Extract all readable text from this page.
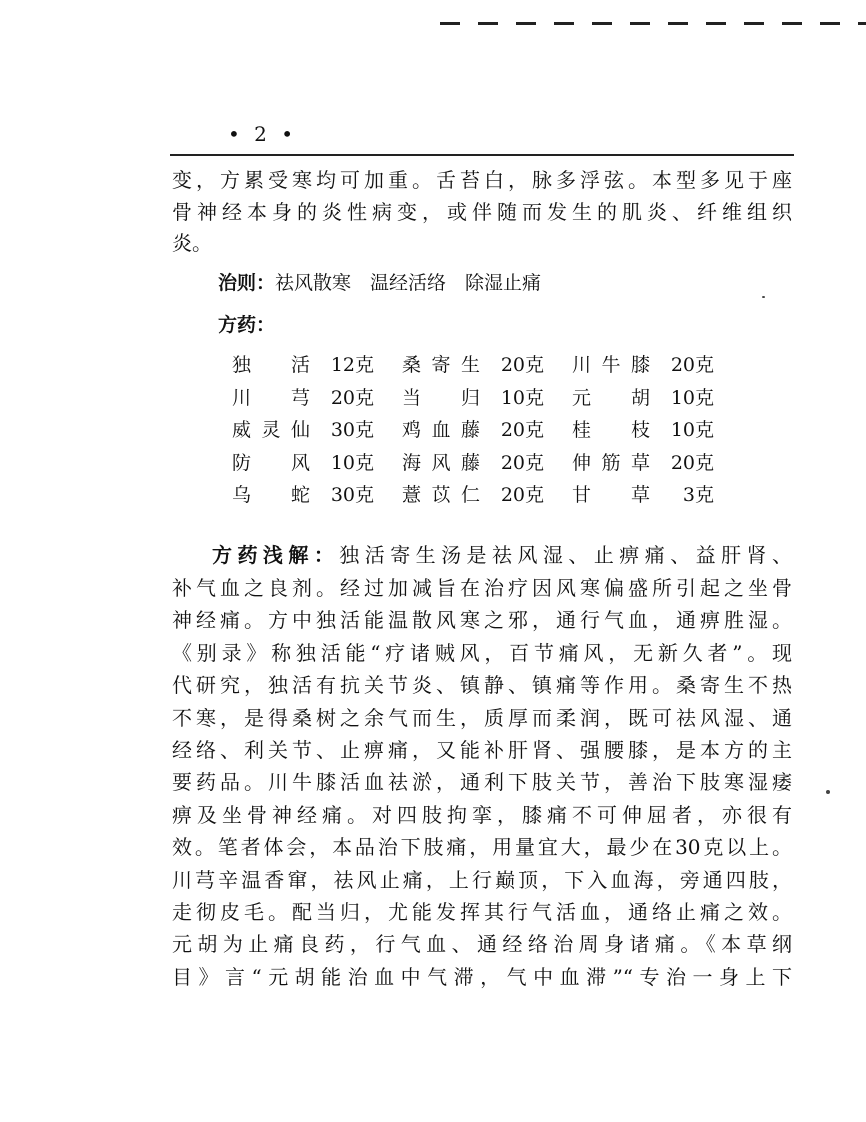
• 2 •
变，方累受寒均可加重。舌苔白，脉多浮弦。本型多见于座
骨神经本身的炎性病变，或伴随而发生的肌炎、纤维组织
炎。
治则：祛风散寒　温经活络　除湿止痛
方药：
独活	12克 桑寄生	20克 川牛膝	20克
川芎	20克 当归	10克 元胡	10克
威灵仙	30克 鸡血藤	20克 桂枝	10克
防风	10克 海风藤	20克 伸筋草	20克
乌蛇	30克 薏苡仁	20克 甘草	3克
方药浅解：独活寄生汤是祛风湿、止痹痛、益肝肾、
补气血之良剂。经过加减旨在治疗因风寒偏盛所引起之坐骨
神经痛。方中独活能温散风寒之邪，通行气血，通痹胜湿。
《别录》称独活能“疗诸贼风，百节痛风，无新久者”。现
代研究，独活有抗关节炎、镇静、镇痛等作用。桑寄生不热
不寒，是得桑树之余气而生，质厚而柔润，既可祛风湿、通
经络、利关节、止痹痛，又能补肝肾、强腰膝，是本方的主
要药品。川牛膝活血祛淤，通利下肢关节，善治下肢寒湿痿
痹及坐骨神经痛。对四肢拘挛，膝痛不可伸屈者，亦很有
效。笔者体会，本品治下肢痛，用量宜大，最少在30克以上。
川芎辛温香窜，祛风止痛，上行巅顶，下入血海，旁通四肢，
走彻皮毛。配当归，尤能发挥其行气活血，通络止痛之效。
元胡为止痛良药，行气血、通经络治周身诸痛。《本草纲
目》言“元胡能治血中气滞，气中血滞”“专治一身上下
